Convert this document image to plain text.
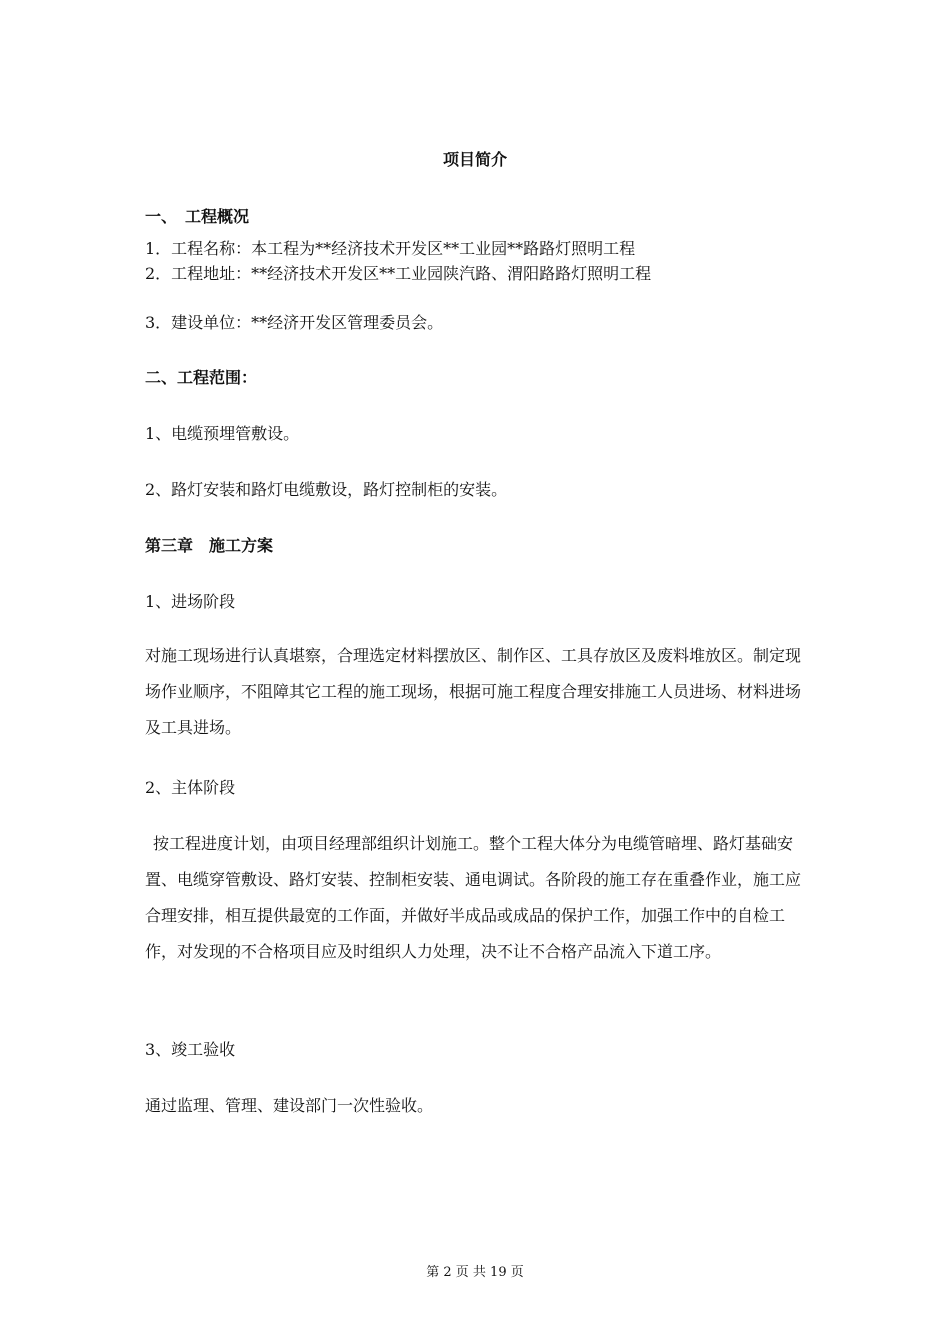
项目简介

一、　工程概况

1．工程名称：本工程为**经济技术开发区**工业园**路路灯照明工程

2．工程地址：**经济技术开发区**工业园陕汽路、渭阳路路灯照明工程

3．建设单位：**经济开发区管理委员会。

二、工程范围：

1、电缆预埋管敷设。

2、路灯安装和路灯电缆敷设，路灯控制柜的安装。

第三章　施工方案

1、进场阶段

对施工现场进行认真堪察，合理选定材料摆放区、制作区、工具存放区及废料堆放区。制定现场作业顺序，不阻障其它工程的施工现场，根据可施工程度合理安排施工人员进场、材料进场及工具进场。

2、主体阶段

按工程进度计划，由项目经理部组织计划施工。整个工程大体分为电缆管暗埋、路灯基础安置、电缆穿管敷设、路灯安装、控制柜安装、通电调试。各阶段的施工存在重叠作业，施工应合理安排，相互提供最宽的工作面，并做好半成品或成品的保护工作，加强工作中的自检工作，对发现的不合格项目应及时组织人力处理，决不让不合格产品流入下道工序。

3、竣工验收

通过监理、管理、建设部门一次性验收。

第 2 页 共 19 页
